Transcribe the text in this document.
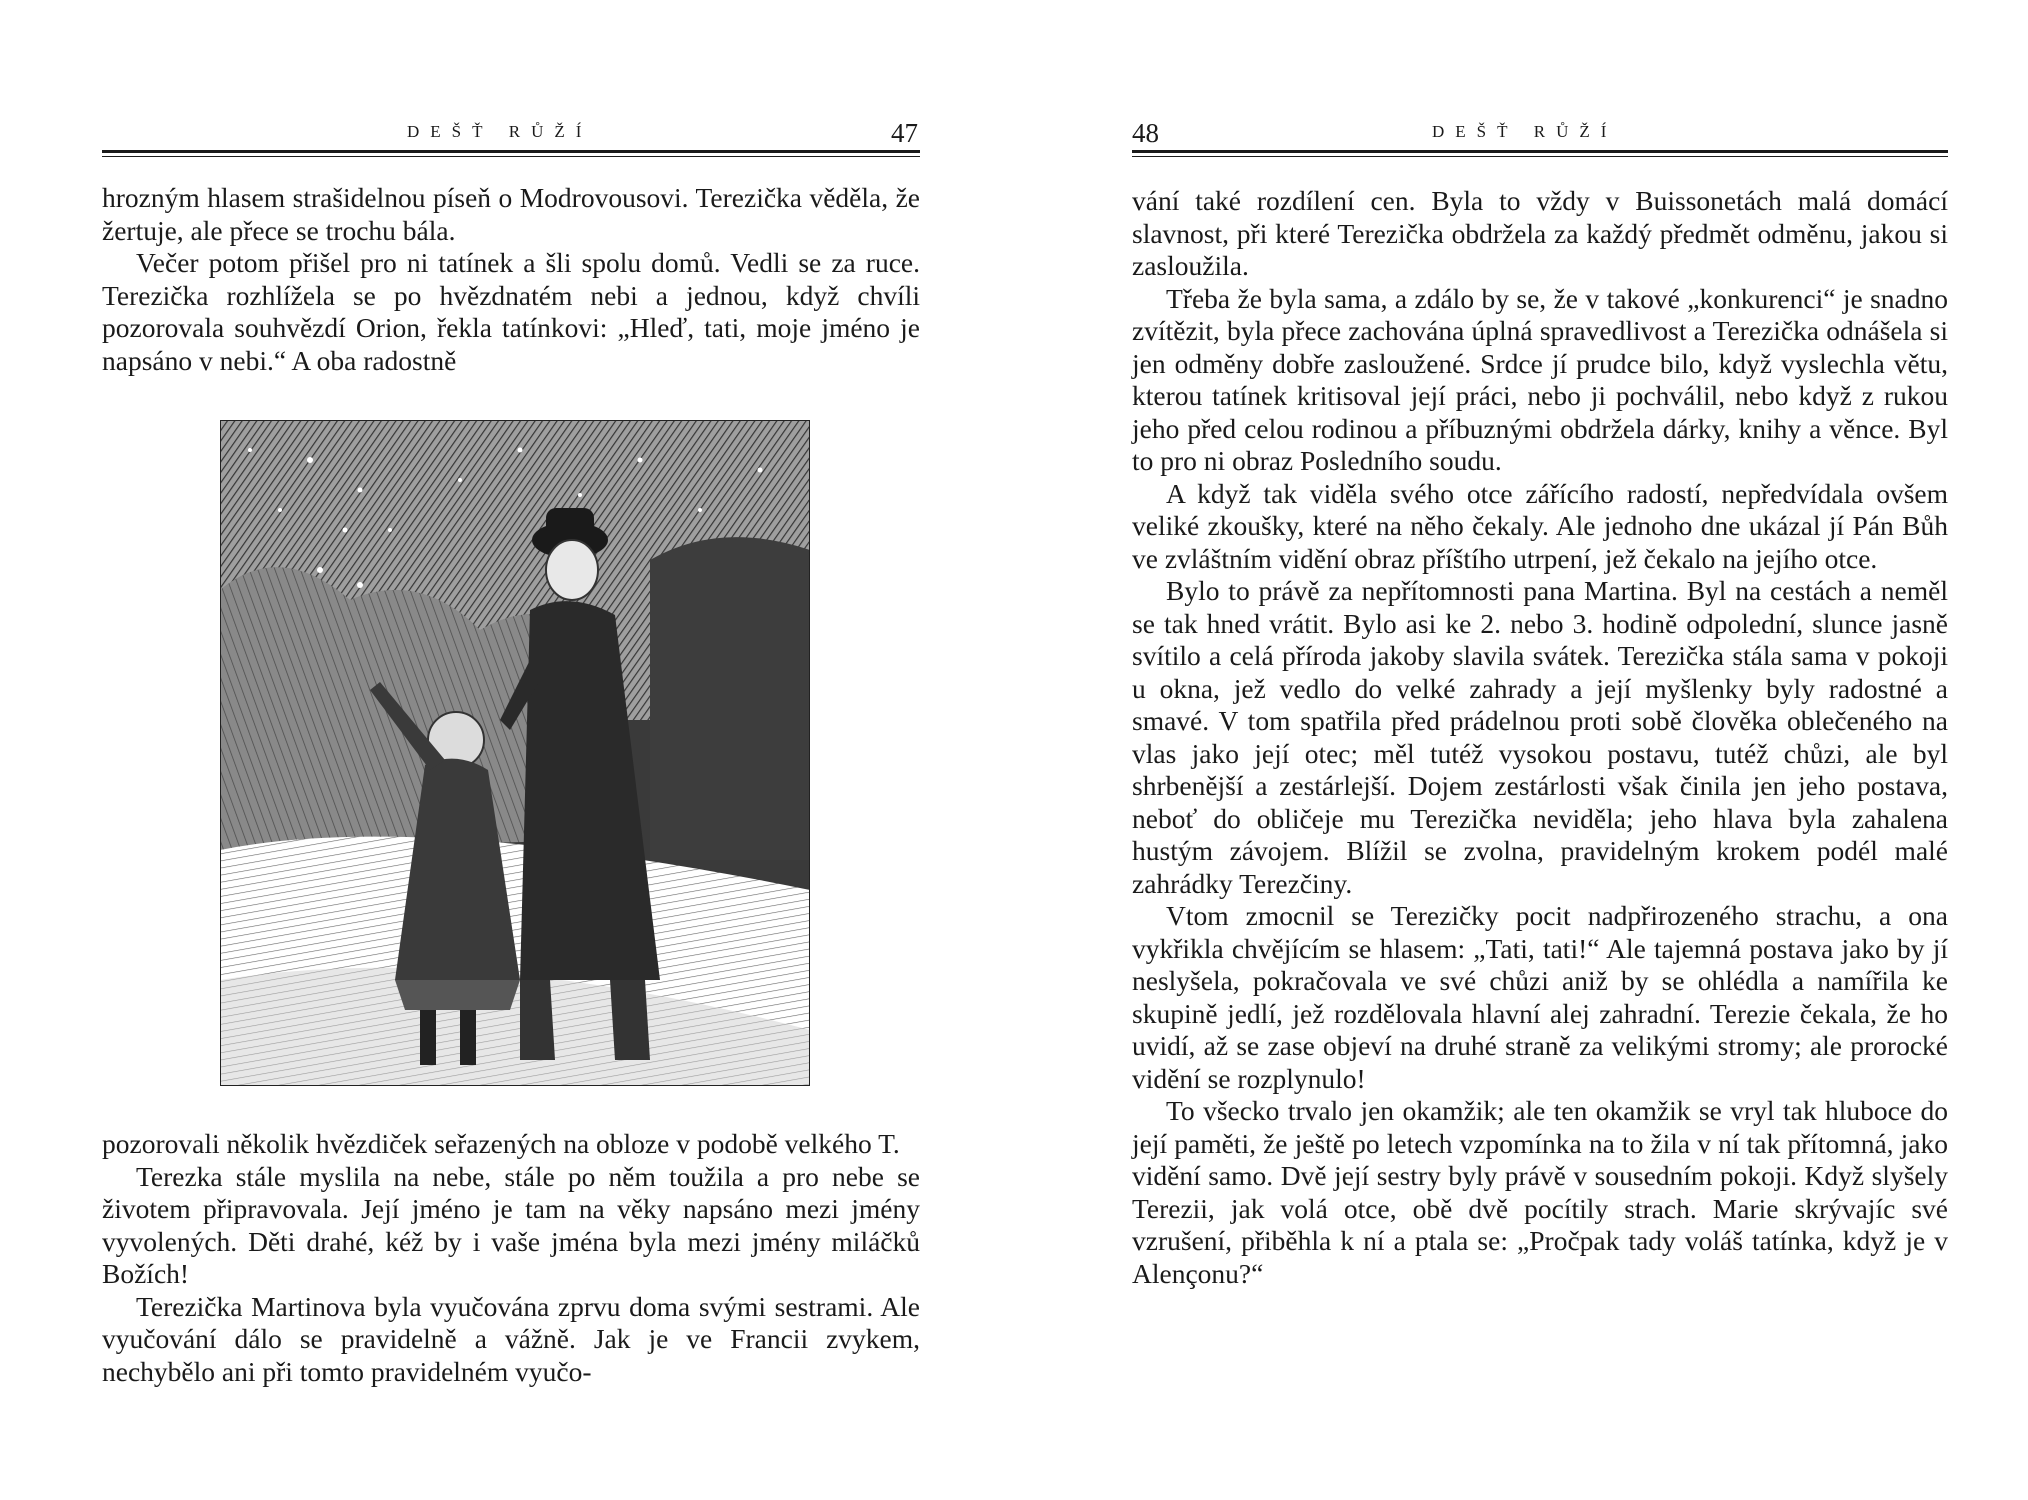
DEŠŤ RŮŽÍ	47

hrozným hlasem strašidelnou píseň o Modrovousovi. Terezička věděla, že žertuje, ale přece se trochu bála.

Večer potom přišel pro ni tatínek a šli spolu domů. Vedli se za ruce. Terezička rozhlížela se po hvězdnatém nebi a jednou, když chvíli pozorovala souhvězdí Orion, řekla tatínkovi: „Hleď, tati, moje jméno je napsáno v nebi.“ A oba radostně

pozorovali několik hvězdiček seřazených na obloze v podobě velkého T.

Terezka stále myslila na nebe, stále po něm toužila a pro nebe se životem připravovala. Její jméno je tam na věky napsáno mezi jmény vyvolených. Děti drahé, kéž by i vaše jména byla mezi jmény miláčků Božích!

Terezička Martinova byla vyučována zprvu doma svými sestrami. Ale vyučování dálo se pravidelně a vážně. Jak je ve Francii zvykem, nechybělo ani při tomto pravidelném vyučo-

48	DEŠŤ RŮŽÍ

vání také rozdílení cen. Byla to vždy v Buissonetách malá domácí slavnost, při které Terezička obdržela za každý předmět odměnu, jakou si zasloužila.

Třeba že byla sama, a zdálo by se, že v takové „konkurenci“ je snadno zvítězit, byla přece zachována úplná spravedlivost a Terezička odnášela si jen odměny dobře zasloužené. Srdce jí prudce bilo, když vyslechla větu, kterou tatínek kritisoval její práci, nebo ji pochválil, nebo když z rukou jeho před celou rodinou a příbuznými obdržela dárky, knihy a věnce. Byl to pro ni obraz Posledního soudu.

A když tak viděla svého otce zářícího radostí, nepředvídala ovšem veliké zkoušky, které na něho čekaly. Ale jednoho dne ukázal jí Pán Bůh ve zvláštním vidění obraz příštího utrpení, jež čekalo na jejího otce.

Bylo to právě za nepřítomnosti pana Martina. Byl na cestách a neměl se tak hned vrátit. Bylo asi ke 2. nebo 3. hodině odpolední, slunce jasně svítilo a celá příroda jakoby slavila svátek. Terezička stála sama v pokoji u okna, jež vedlo do velké zahrady a její myšlenky byly radostné a smavé. V tom spatřila před prádelnou proti sobě člověka oblečeného na vlas jako její otec; měl tutéž vysokou postavu, tutéž chůzi, ale byl shrbenější a zestárlejší. Dojem zestárlosti však činila jen jeho postava, neboť do obličeje mu Terezička neviděla; jeho hlava byla zahalena hustým závojem. Blížil se zvolna, pravidelným krokem podél malé zahrádky Terezčiny.

Vtom zmocnil se Terezičky pocit nadpřirozeného strachu, a ona vykřikla chvějícím se hlasem: „Tati, tati!“ Ale tajemná postava jako by jí neslyšela, pokračovala ve své chůzi aniž by se ohlédla a namířila ke skupině jedlí, jež rozdělovala hlavní alej zahradní. Terezie čekala, že ho uvidí, až se zase objeví na druhé straně za velikými stromy; ale prorocké vidění se rozplynulo!

To všecko trvalo jen okamžik; ale ten okamžik se vryl tak hluboce do její paměti, že ještě po letech vzpomínka na to žila v ní tak přítomná, jako vidění samo. Dvě její sestry byly právě v sousedním pokoji. Když slyšely Terezii, jak volá otce, obě dvě pocítily strach. Marie skrývajíc své vzrušení, přiběhla k ní a ptala se: „Pročpak tady voláš tatínka, když je v Alençonu?“
